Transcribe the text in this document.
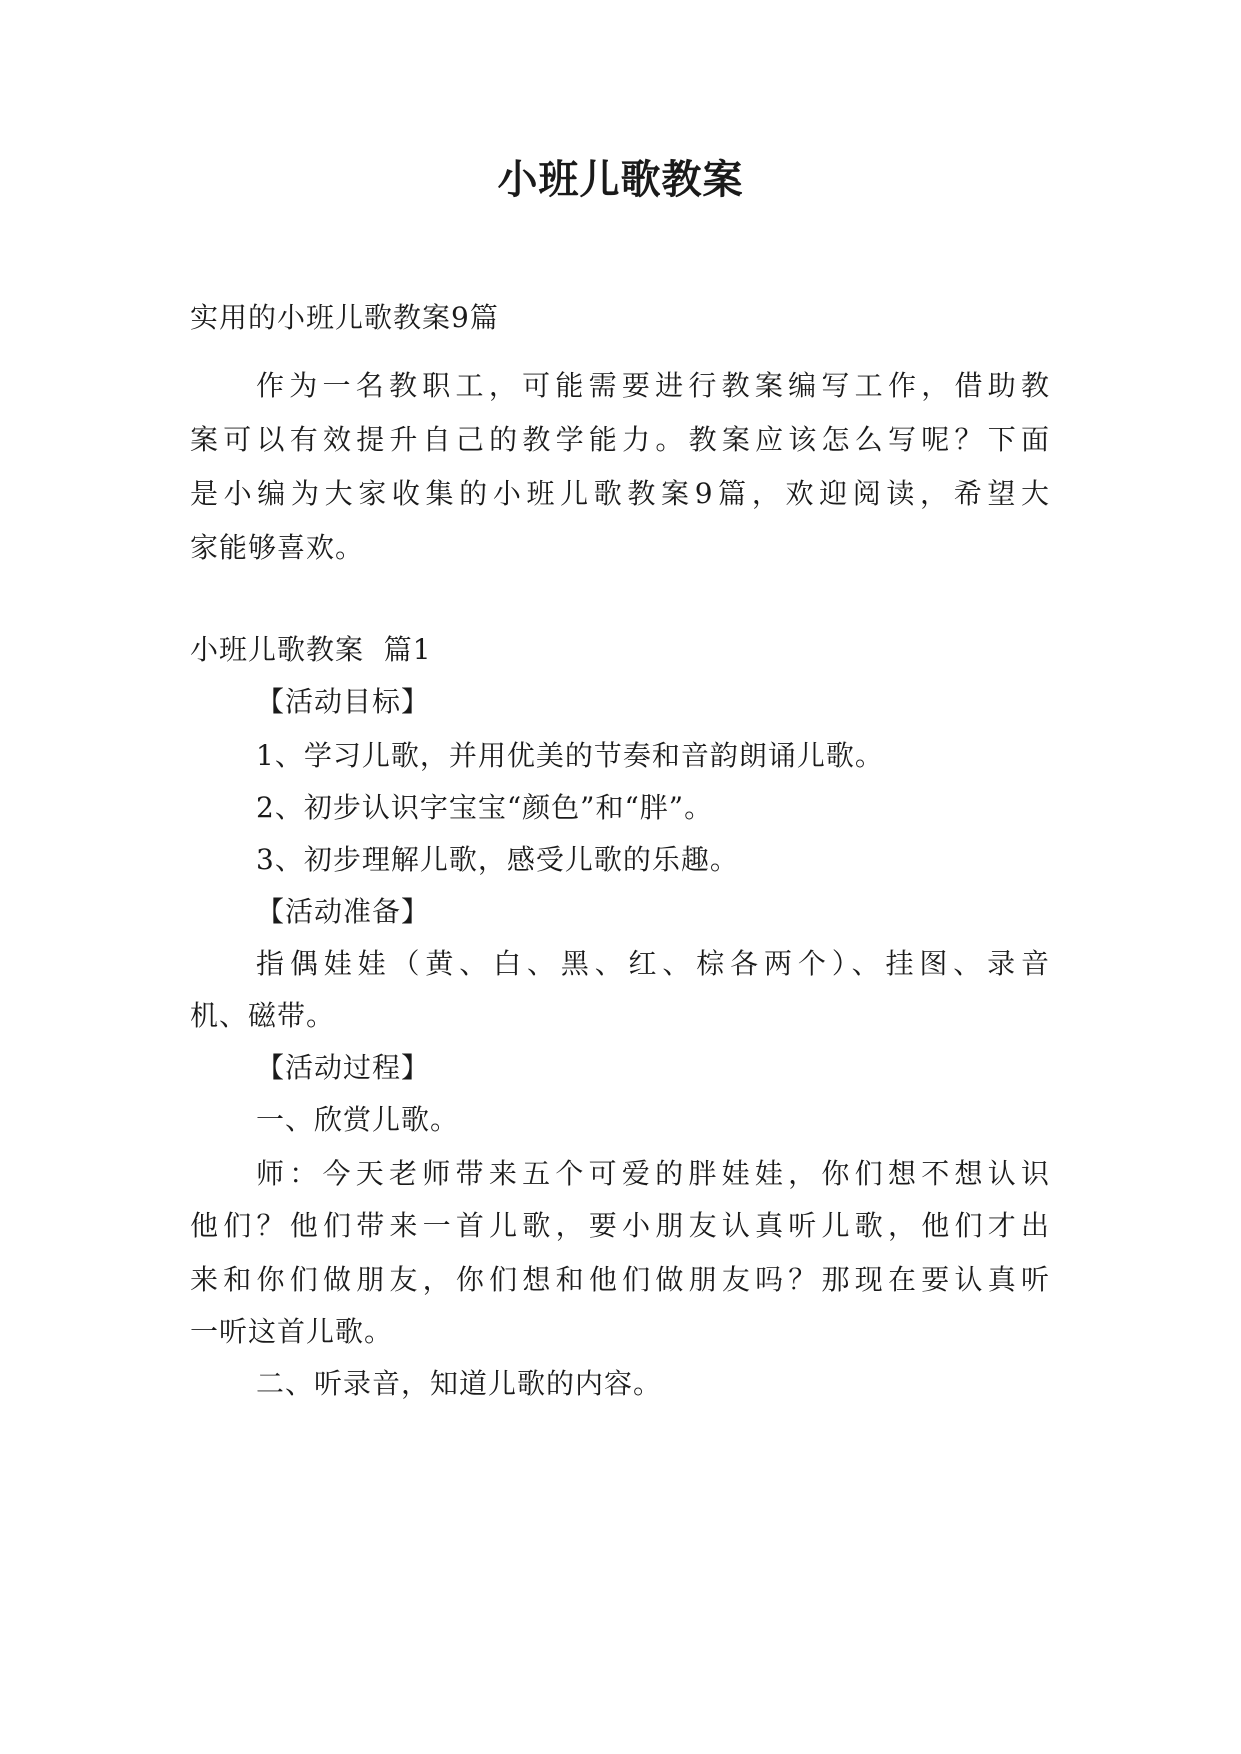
小班儿歌教案
实用的小班儿歌教案9篇
作为一名教职工，可能需要进行教案编写工作，借助教
案可以有效提升自己的教学能力。教案应该怎么写呢？下面
是小编为大家收集的小班儿歌教案9篇，欢迎阅读，希望大
家能够喜欢。
小班儿歌教案  篇1
【活动目标】
1、学习儿歌，并用优美的节奏和音韵朗诵儿歌。
2、初步认识字宝宝“颜色”和“胖”。
3、初步理解儿歌，感受儿歌的乐趣。
【活动准备】
指偶娃娃（黄、白、黑、红、棕各两个）、挂图、录音
机、磁带。
【活动过程】
一、欣赏儿歌。
师：今天老师带来五个可爱的胖娃娃，你们想不想认识
他们？他们带来一首儿歌，要小朋友认真听儿歌，他们才出
来和你们做朋友，你们想和他们做朋友吗？那现在要认真听
一听这首儿歌。
二、听录音，知道儿歌的内容。
